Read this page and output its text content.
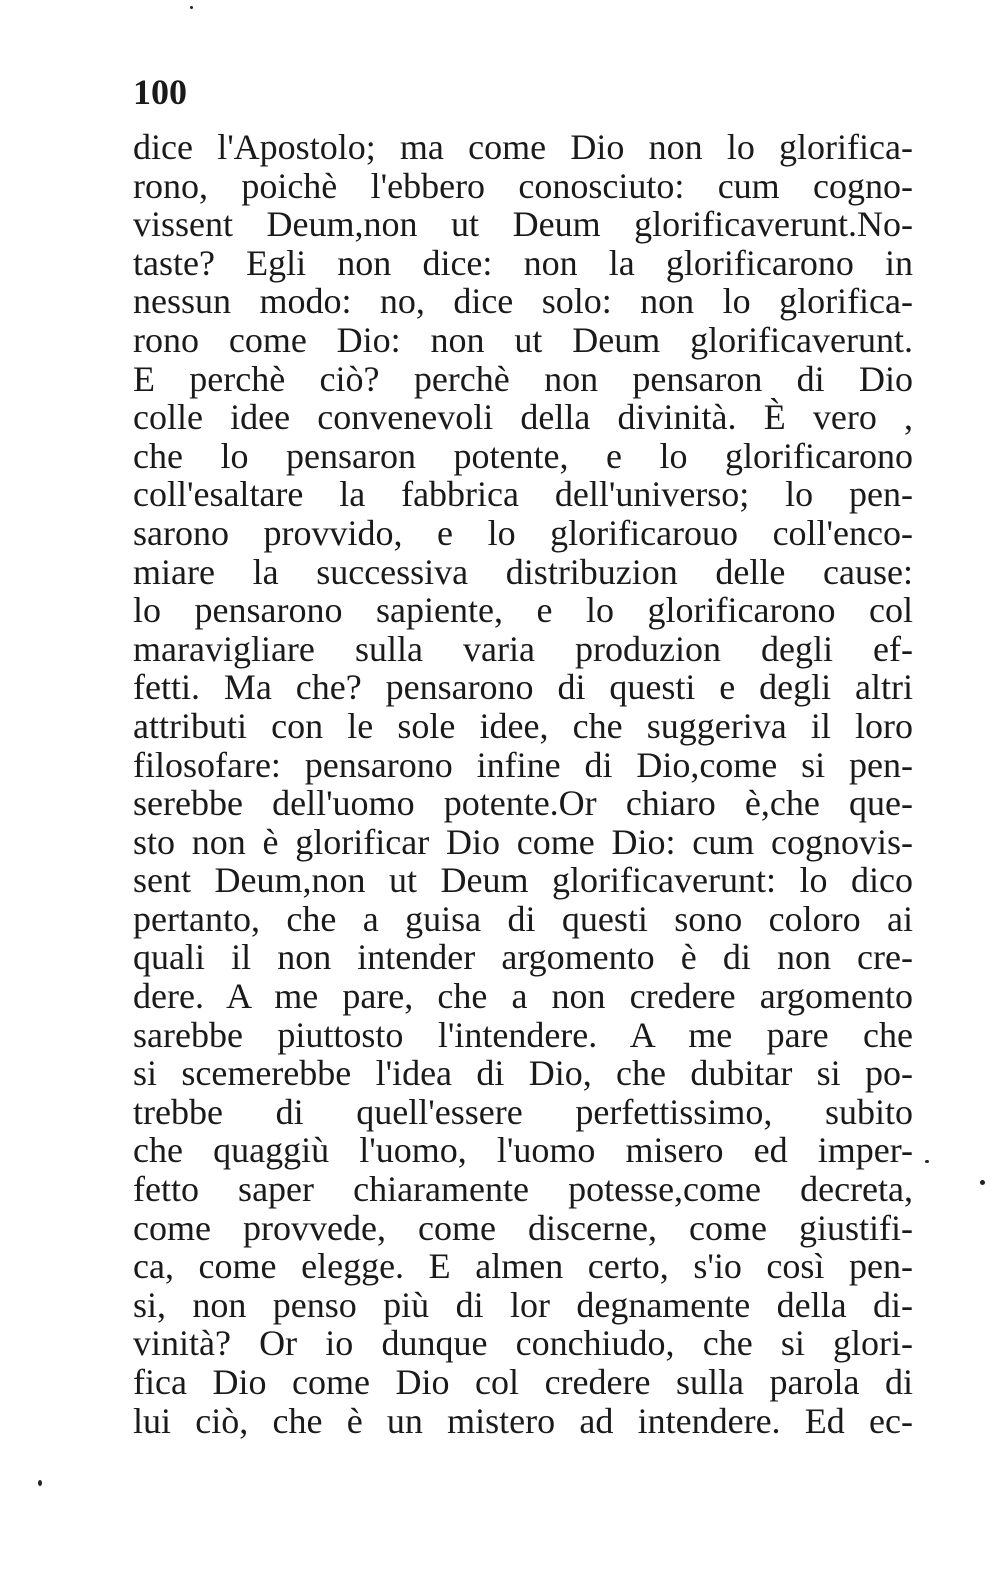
100
dice l'Apostolo; ma come Dio non lo glorifica-
rono, poichè l'ebbero conosciuto: cum cogno-
vissent Deum,non ut Deum glorificaverunt.No-
taste? Egli non dice: non la glorificarono in
nessun modo: no, dice solo: non lo glorifica-
rono come Dio: non ut Deum glorificaverunt.
E perchè ciò? perchè non pensaron di Dio
colle idee convenevoli della divinità. È vero ,
che lo pensaron potente, e lo glorificarono
coll'esaltare la fabbrica dell'universo; lo pen-
sarono provvido, e lo glorificarouo coll'enco-
miare la successiva distribuzion delle cause:
lo pensarono sapiente, e lo glorificarono col
maravigliare sulla varia produzion degli ef-
fetti. Ma che? pensarono di questi e degli altri
attributi con le sole idee, che suggeriva il loro
filosofare: pensarono infine di Dio,come si pen-
serebbe dell'uomo potente.Or chiaro è,che que-
sto non è glorificar Dio come Dio: cum cognovis-
sent Deum,non ut Deum glorificaverunt: lo dico
pertanto, che a guisa di questi sono coloro ai
quali il non intender argomento è di non cre-
dere. A me pare, che a non credere argomento
sarebbe piuttosto l'intendere. A me pare che
si scemerebbe l'idea di Dio, che dubitar si po-
trebbe di quell'essere perfettissimo, subito
che quaggiù l'uomo, l'uomo misero ed imper-
fetto saper chiaramente potesse,come decreta,
come provvede, come discerne, come giustifi-
ca, come elegge. E almen certo, s'io così pen-
si, non penso più di lor degnamente della di-
vinità? Or io dunque conchiudo, che si glori-
fica Dio come Dio col credere sulla parola di
lui ciò, che è un mistero ad intendere. Ed ec-
